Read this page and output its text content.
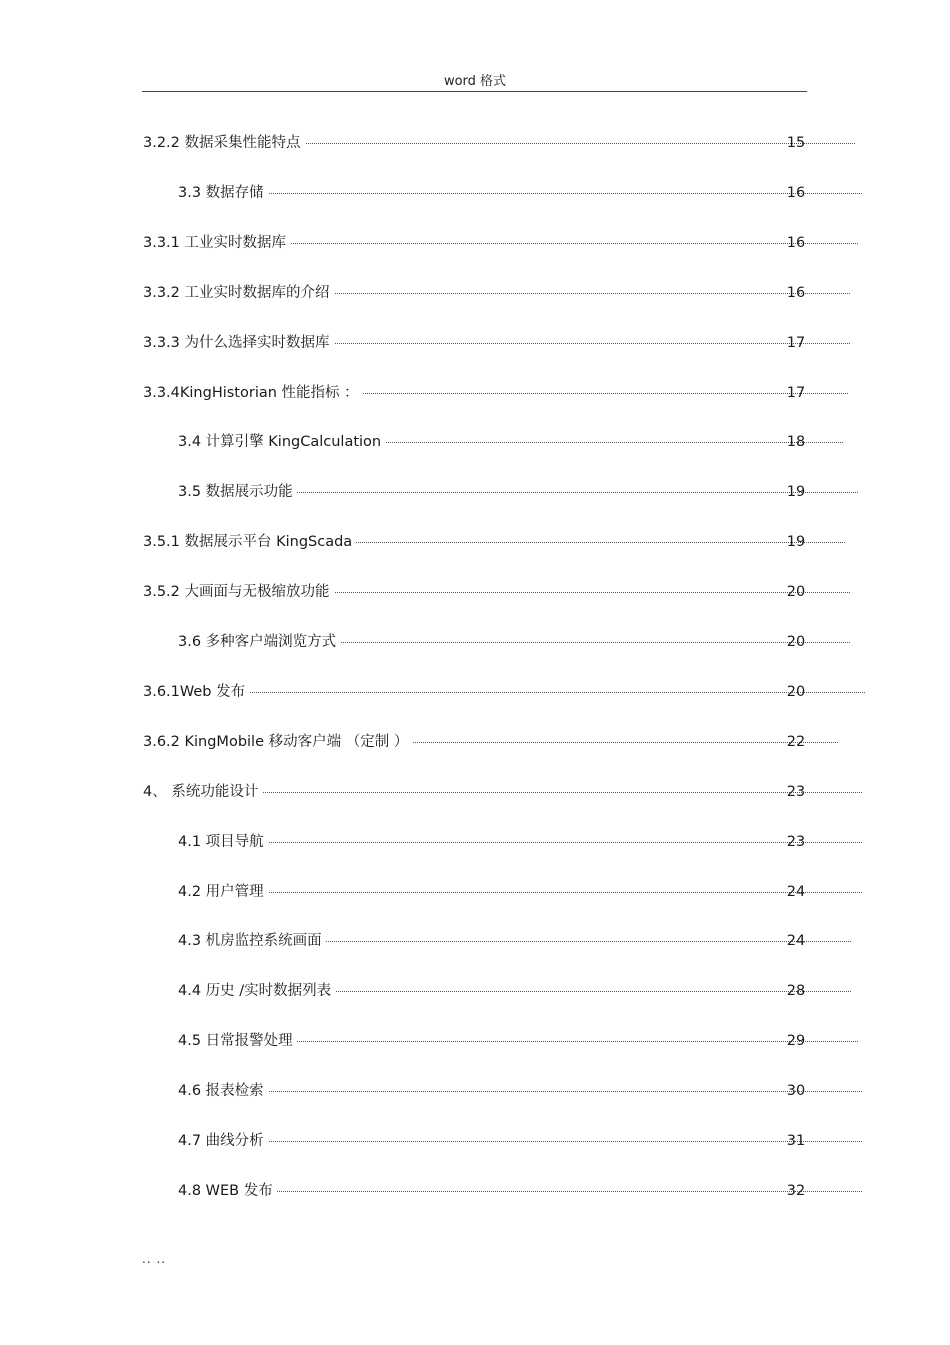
word 格式
3.2.2 数据采集性能特点	15
3.3 数据存储	16
3.3.1 工业实时数据库	16
3.3.2 工业实时数据库的介绍	16
3.3.3 为什么选择实时数据库	17
3.3.4KingHistorian 性能指标 ：	17
3.4 计算引擎 KingCalculation	18
3.5 数据展示功能	19
3.5.1 数据展示平台 KingScada	19
3.5.2 大画面与无极缩放功能	20
3.6 多种客户端浏览方式	20
3.6.1Web 发布	20
3.6.2 KingMobile 移动客户端 （定制 ）	22
4、 系统功能设计	23
4.1 项目导航	23
4.2 用户管理	24
4.3 机房监控系统画面	24
4.4 历史 /实时数据列表	28
4.5 日常报警处理	29
4.6 报表检索	30
4.7 曲线分析	31
4.8 WEB 发布	32
.. ..
